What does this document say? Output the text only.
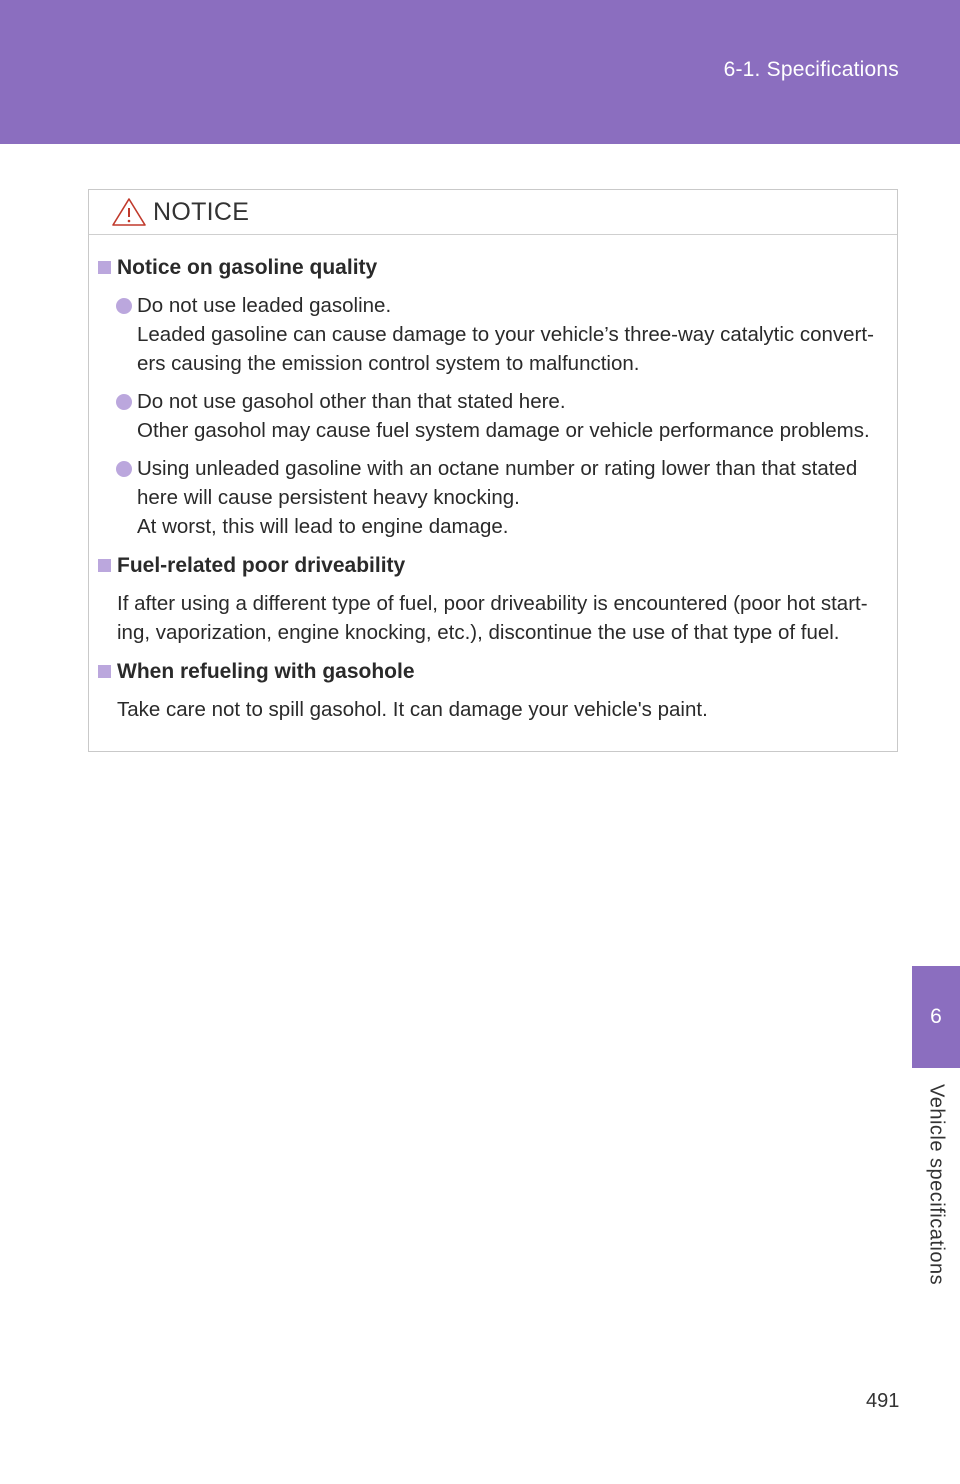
6-1. Specifications
NOTICE
Notice on gasoline quality

Do not use leaded gasoline.

Leaded gasoline can cause damage to your vehicle’s three-way catalytic convert-

ers causing the emission control system to malfunction.

Do not use gasohol other than that stated here.

Other gasohol may cause fuel system damage or vehicle performance problems.

Using unleaded gasoline with an octane number or rating lower than that stated

here will cause persistent heavy knocking.

At worst, this will lead to engine damage.

Fuel-related poor driveability

If after using a different type of fuel, poor driveability is encountered (poor hot start-

ing, vaporization, engine knocking, etc.), discontinue the use of that type of fuel.

When refueling with gasohole

Take care not to spill gasohol. It can damage your vehicle's paint.

6
Vehicle specifications
491
